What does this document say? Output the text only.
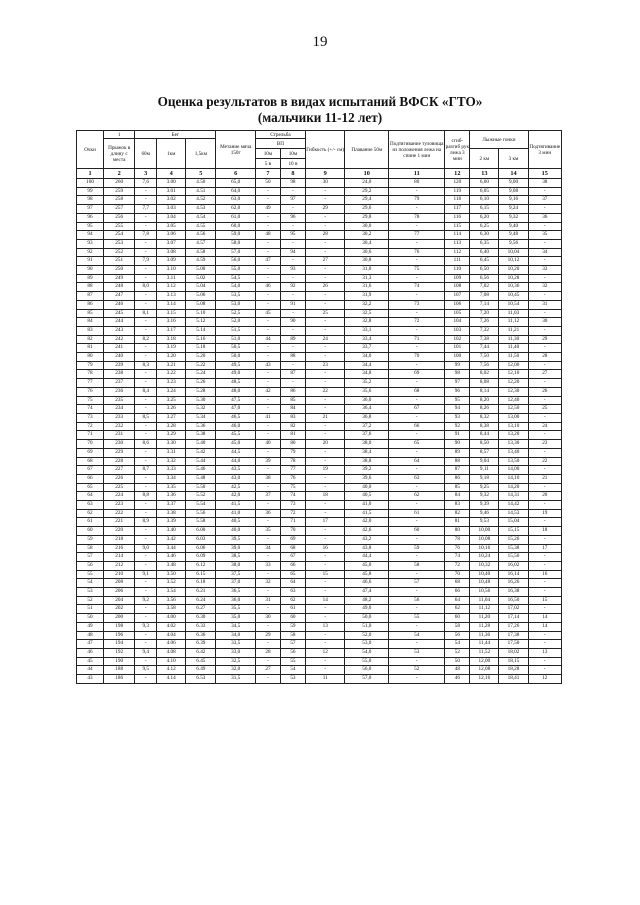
19
Оценка результатов в видах испытаний ВФСК «ГТО»
(мальчики 11-12 лет)
Очки	1	Бег			Метание мяча 150г	Стрельба		Гибкость (+/- см)	Плавание 50м	Подтягивание туловища из положения лежа на спине 1 мин	сгиб-разгиб рук лежа 3 мин	Лыжные гонки		Подтягивание 3 мин
	Прыжок в длину с места	60м	1км	1,5км		ВП								
						10м	10м					2 км	3 км	
						5 в	10 в							
1	2	3	4	5	6	7	8	9	10	11	12	13	14	15
100	260	7,6	3.00	4.50	65,0	50	98	30	24,0	80	120	6,00	9,00	38
99	259	-	3.01	4.51	64,0	-	-	-	29,2	-	119	6,05	9,08	-
98	258	-	3.02	4.52	63,0	-	97	-	29,4	79	118	6,10	9,16	37
97	257	7,7	3.03	4.53	62,0	49	-	29	29,6	-	117	6,15	9,24	-
96	256	-	3.04	4.54	61,0	-	96	-	29,8	78	116	6,20	9,32	36
95	255	-	3.05	4.55	60,0	-	-	-	30,0	-	115	6,25	9,40	-
94	254	7,8	3.06	4.56	59,0	48	95	28	30,2	77	114	6,30	9,48	35
93	253	-	3.07	4.57	58,0	-	-	-	30,4	-	113	6,35	9,56	-
92	252	-	3.08	4.58	57,0	-	94	-	30,6	76	112	6,40	10,04	34
91	251	7,9	3.09	4.59	56,0	47	-	27	30,8	-	111	6,45	10,12	-
90	250	-	3.10	5.00	55,0	-	93	-	31,0	75	110	6,50	10,20	33
89	249	-	3.11	5.02	54,5	-	-	-	31,3	-	109	6,56	10,28	-
88	248	8,0	3.12	5.04	54,0	46	92	26	31,6	74	108	7,02	10,36	32
87	247	-	3.13	5.06	53,5	-	-	-	31,9	-	107	7,08	10,45	-
86	246	-	3.14	5.08	53,0	-	91	-	32,2	73	106	7,14	10,54	31
85	245	8,1	3.15	5.10	52,5	45	-	25	32,5	-	105	7,20	11,03	-
84	244	-	3.16	5.12	52,0	-	90	-	32,8	72	104	7,26	11,12	30
83	243	-	3.17	5.14	51,5	-	-	-	33,1	-	103	7,32	11,21	-
82	242	8,2	3.18	5.16	51,0	44	89	24	33,4	71	102	7,38	11,30	29
81	241	-	3.19	5.18	50,5	-	-	-	33,7	-	101	7,44	11,40	-
80	240	-	3.20	5.20	50,0	-	88	-	34,0	70	100	7,50	11,50	28
79	239	8,3	3.21	5.22	49,5	43	-	23	34,4	-	99	7,56	12,00	-
78	238	-	3.22	5.24	49,0	-	87	-	34,8	69	98	8,02	12,10	27
77	237	-	3.23	5.26	48,5	-	-	-	35,2	-	97	8,08	12,20	-
76	236	8,4	3.24	5.28	48,0	42	86	22	35,6	68	96	8,14	12,30	26
75	235	-	3.25	5.30	47,5	-	85	-	36,0	-	95	8,20	12,40	-
74	234	-	3.26	5.32	47,0	-	84	-	36,4	67	94	8,26	12,50	25
73	233	8,5	3.27	5.34	46,5	41	83	21	36,8	-	93	8,32	13,00	-
72	232	-	3.28	5.36	46,0	-	82	-	37,2	66	92	8,38	13,10	24
71	231	-	3.29	5.38	45,5	-	81	-	37,6	-	91	8,44	13,20	-
70	230	8,6	3.30	5.40	45,0	40	80	20	38,0	65	90	8,50	13,30	23
69	229	-	3.31	5.42	44,5	-	79	-	38,4	-	89	8,57	13,40	-
68	228	-	3.32	5.44	44,0	39	78	-	38,8	64	88	9,04	13,50	22
67	227	8,7	3.33	5.46	43,5	-	77	19	39,2	-	87	9,11	14,00	-
66	226	-	3.34	5.48	43,0	38	76	-	39,6	63	86	9,18	14,10	21
65	225	-	3.35	5.50	42,5	-	75	-	40,0	-	85	9,25	14,20	-
64	224	8,8	3.36	5.52	42,0	37	74	18	40,5	62	84	9,32	14,31	20
63	223	-	3.37	5.54	41,5	-	73	-	41,0	-	83	9,39	14,42	-
62	222	-	3.38	5.56	41,0	36	72	-	41,5	61	82	9,46	14,53	19
61	221	8,9	3.39	5.58	40,5	-	71	17	42,0	-	81	9,53	15,04	-
60	220	-	3.40	6.00	40,0	35	70	-	42,6	60	80	10,00	15,15	18
59	218	-	3.42	6.03	39,5	-	69	-	43,2	-	78	10,08	15,26	-
58	216	9,0	3.44	6.06	39,0	34	68	16	43,8	59	76	10,16	15,38	17
57	214	-	3.46	6.09	38,5	-	67	-	44,4	-	74	10,24	15,50	-
56	212	-	3.48	6.12	38,0	33	66	-	45,0	58	72	10,32	16,02	-
55	210	9,1	3.50	6.15	37,5	-	65	15	45,8	-	70	10,40	16,14	16
54	208	-	3.52	6.18	37,0	32	64	-	46,6	57	68	10,48	16,26	-
53	206	-	3.54	6.21	36,5	-	63	-	47,4	-	66	10,56	16,38	-
52	204	9,2	3.56	6.24	36,0	31	62	14	48,2	56	64	11,04	16,50	15
51	202	-	3.58	6.27	35,5	-	61	-	49,0	-	62	11,12	17,02	-
50	200	-	4.00	6.30	35,0	30	60	-	50,0	55	60	11,20	17,14	14
49	198	9,3	4.02	6.33	34,5	-	59	13	51,0	-	58	11,28	17,26	14
48	196	-	4.04	6.36	34,0	29	58	-	52,0	54	56	11,36	17,38	-
47	194	-	4.06	6.39	33,5	-	57	-	53,0	-	54	11,44	17,50	-
46	192	9,4	4.08	6.42	33,0	28	56	12	54,0	53	52	11,52	18,02	13
45	190	-	4.10	6.45	32,5	-	55	-	55,0	-	50	12,00	18,15	-
44	188	9,5	4.12	6.49	32,0	27	54	-	56,0	52	48	12,08	18,28	-
43	186	-	4.14	6.53	31,5	-	53	11	57,0	-	46	12,16	18,41	12
